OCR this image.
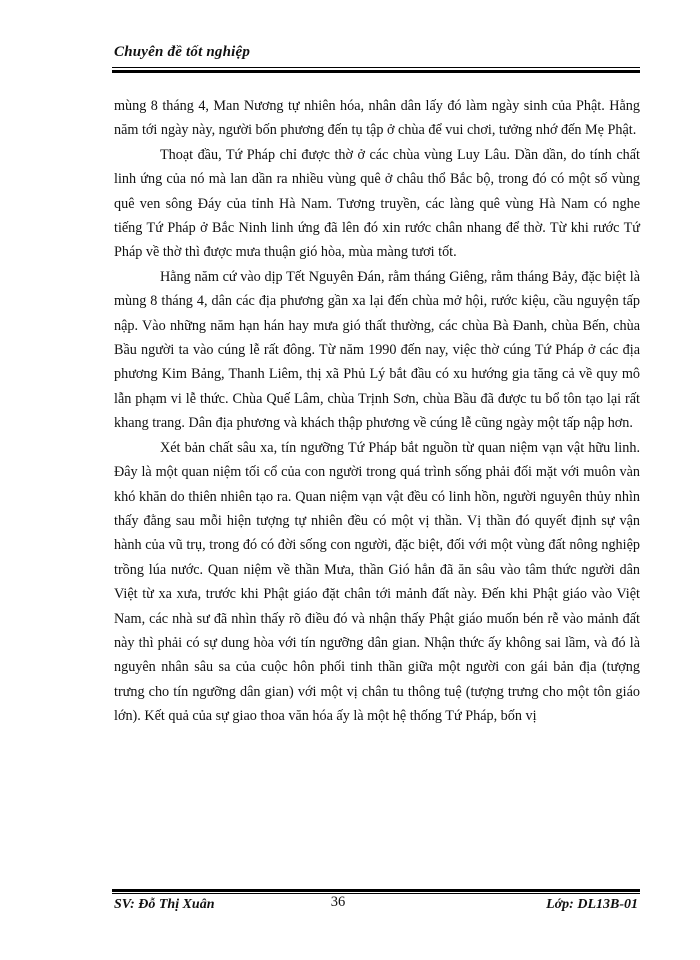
Chuyên đề tốt nghiệp

mùng 8 tháng 4, Man Nương tự nhiên hóa, nhân dân lấy đó làm ngày sinh của Phật. Hằng năm tới ngày này, người bốn phương đến tụ tập ở chùa để vui chơi, tưởng nhớ đến Mẹ Phật.

Thoạt đầu, Tứ Pháp chỉ được thờ ở các chùa vùng Luy Lâu. Dần dần, do tính chất linh ứng của nó mà lan dần ra nhiều vùng quê ở châu thổ Bắc bộ, trong đó có một số vùng quê ven sông Đáy của tỉnh Hà Nam. Tương truyền, các làng quê vùng Hà Nam có nghe tiếng Tứ Pháp ở Bắc Ninh linh ứng đã lên đó xin rước chân nhang để thờ. Từ khi rước Tứ Pháp về thờ thì được mưa thuận gió hòa, mùa màng tươi tốt.

Hằng năm cứ vào dịp Tết Nguyên Đán, rằm tháng Giêng, rằm tháng Bảy, đặc biệt là mùng 8 tháng 4, dân các địa phương gần xa lại đến chùa mở hội, rước kiệu, cầu nguyện tấp nập. Vào những năm hạn hán hay mưa gió thất thường, các chùa Bà Đanh, chùa Bến, chùa Bầu người ta vào cúng lễ rất đông. Từ năm 1990 đến nay, việc thờ cúng Tứ Pháp ở các địa phương Kim Bảng, Thanh Liêm, thị xã Phủ Lý bắt đầu có xu hướng gia tăng cả về quy mô lẫn phạm vi lễ thức. Chùa Quế Lâm, chùa Trịnh Sơn, chùa Bầu đã được tu bổ tôn tạo lại rất khang trang. Dân địa phương và khách thập phương về cúng lễ cũng ngày một tấp nập hơn.

Xét bản chất sâu xa, tín ngưỡng Tứ Pháp bắt nguồn từ quan niệm vạn vật hữu linh. Đây là một quan niệm tối cổ của con người trong quá trình sống phải đối mặt với muôn vàn khó khăn do thiên nhiên tạo ra. Quan niệm vạn vật đều có linh hồn, người nguyên thủy nhìn thấy đằng sau mỗi hiện tượng tự nhiên đều có một vị thần. Vị thần đó quyết định sự vận hành của vũ trụ, trong đó có đời sống con người, đặc biệt, đối với một vùng đất nông nghiệp trồng lúa nước. Quan niệm về thần Mưa, thần Gió hẳn đã ăn sâu vào tâm thức người dân Việt từ xa xưa, trước khi Phật giáo đặt chân tới mảnh đất này. Đến khi Phật giáo vào Việt Nam, các nhà sư đã nhìn thấy rõ điều đó và nhận thấy Phật giáo muốn bén rễ vào mảnh đất này thì phải có sự dung hòa với tín ngưỡng dân gian. Nhận thức ấy không sai lầm, và đó là nguyên nhân sâu sa của cuộc hôn phối tinh thần giữa một người con gái bản địa (tượng trưng cho tín ngưỡng dân gian) với một vị chân tu thông tuệ (tượng trưng cho một tôn giáo lớn). Kết quả của sự giao thoa văn hóa ấy là một hệ thống Tứ Pháp, bốn vị

SV: Đỗ Thị Xuân	36	Lớp: DL13B-01
